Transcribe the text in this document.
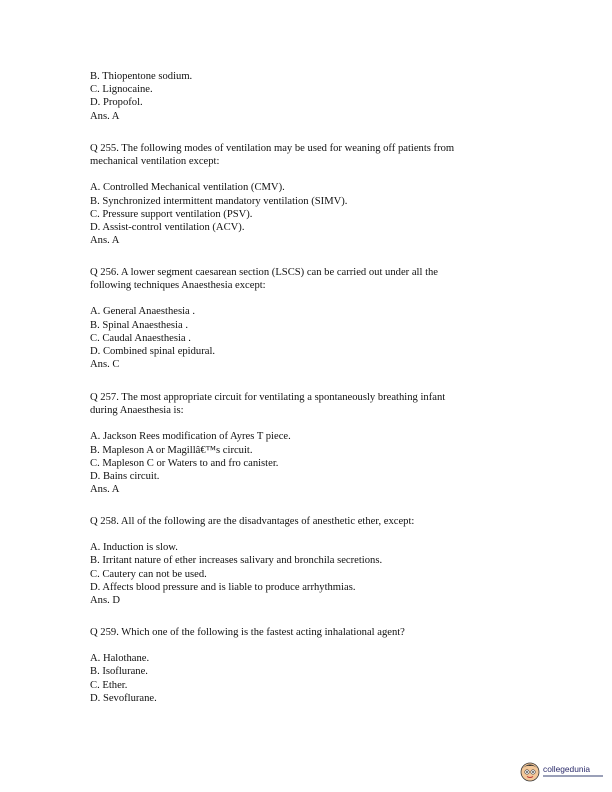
B. Thiopentone sodium.
C. Lignocaine.
D. Propofol.
Ans. A
Q 255. The following modes of ventilation may be used for weaning off patients from
mechanical ventilation except:
A. Controlled Mechanical ventilation (CMV).
B. Synchronized intermittent mandatory ventilation (SIMV).
C. Pressure support ventilation (PSV).
D. Assist-control ventilation (ACV).
Ans. A
Q 256. A lower segment caesarean section (LSCS) can be carried out under all the
following techniques Anaesthesia except:
A. General Anaesthesia .
B. Spinal Anaesthesia .
C. Caudal Anaesthesia .
D. Combined spinal epidural.
Ans. C
Q 257. The most appropriate circuit for ventilating a spontaneously breathing infant
during Anaesthesia is:
A. Jackson Rees modification of Ayres T piece.
B. Mapleson A or Magillâ€™s circuit.
C. Mapleson C or Waters to and fro canister.
D. Bains circuit.
Ans. A
Q 258. All of the following are the disadvantages of anesthetic ether, except:
A. Induction is slow.
B. Irritant nature of ether increases salivary and bronchila secretions.
C. Cautery can not be used.
D. Affects blood pressure and is liable to produce arrhythmias.
Ans. D
Q 259. Which one of the following is the fastest acting inhalational agent?
A. Halothane.
B. Isoflurane.
C. Ether.
D. Sevoflurane.
collegedunia
